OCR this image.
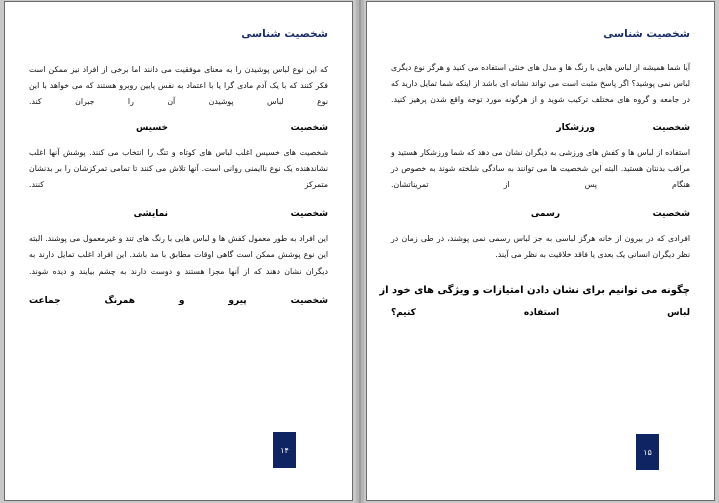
شخصیت شناسی

آیا شما همیشه از لباس هایی با رنگ ها و مدل های خنثی استفاده می کنید و هرگز نوع دیگری لباس نمی پوشید؟ اگر پاسخ مثبت است می تواند نشانه ای باشد از اینکه شما تمایل دارید که در جامعه و گروه های مختلف ترکیب شوید و از هرگونه مورد توجه واقع شدن پرهیز کنید.

شخصیت
ورزشکار

استفاده از لباس ها و کفش های ورزشی به دیگران نشان می دهد که شما ورزشکار هستید و مراقب بدنتان هستید. البته این شخصیت ها می توانند به سادگی شلخته شوند به خصوص در هنگام پس از تمریناتشان.

شخصیت
رسمی

افرادی که در بیرون از خانه هرگز لباسی به جز لباس رسمی نمی پوشند، در طی زمان در نظر دیگران انسانی یک بعدی یا فاقد خلاقیت به نظر می آیند.

چگونه می توانیم برای نشان دادن امتیازات و ویژگی های خود از
لباس
استفاده
کنیم؟
۱۵
شخصیت شناسی

که این نوع لباس پوشیدن را به معنای موفقیت می دانند اما برخی از افراد نیز ممکن است فکر کنند که با یک آدم مادی گرا یا با اعتماد به نفس پایین روبرو هستند که می خواهد با این نوع لباس پوشیدن آن را جبران کند.

شخصیت
خسیس

شخصیت های خسیس اغلب لباس های کوتاه و تنگ را انتخاب می کنند. پوشش آنها اغلب نشاندهنده یک نوع ناایمنی روانی است. آنها تلاش می کنند تا تمامی تمرکزشان را بر بدنشان متمرکز کنند.

شخصیت
نمایشی

این افراد به طور معمول کفش ها و لباس هایی با رنگ های تند و غیرمعمول می پوشند. البته این نوع پوشش ممکن است گاهی اوقات مطابق با مد باشد. این افراد اغلب تمایل دارند به دیگران نشان دهند که از آنها مجزا هستند و دوست دارند به چشم بیایند و دیده شوند.

شخصیت
پیرو
و
همرنگ
جماعت
۱۴
